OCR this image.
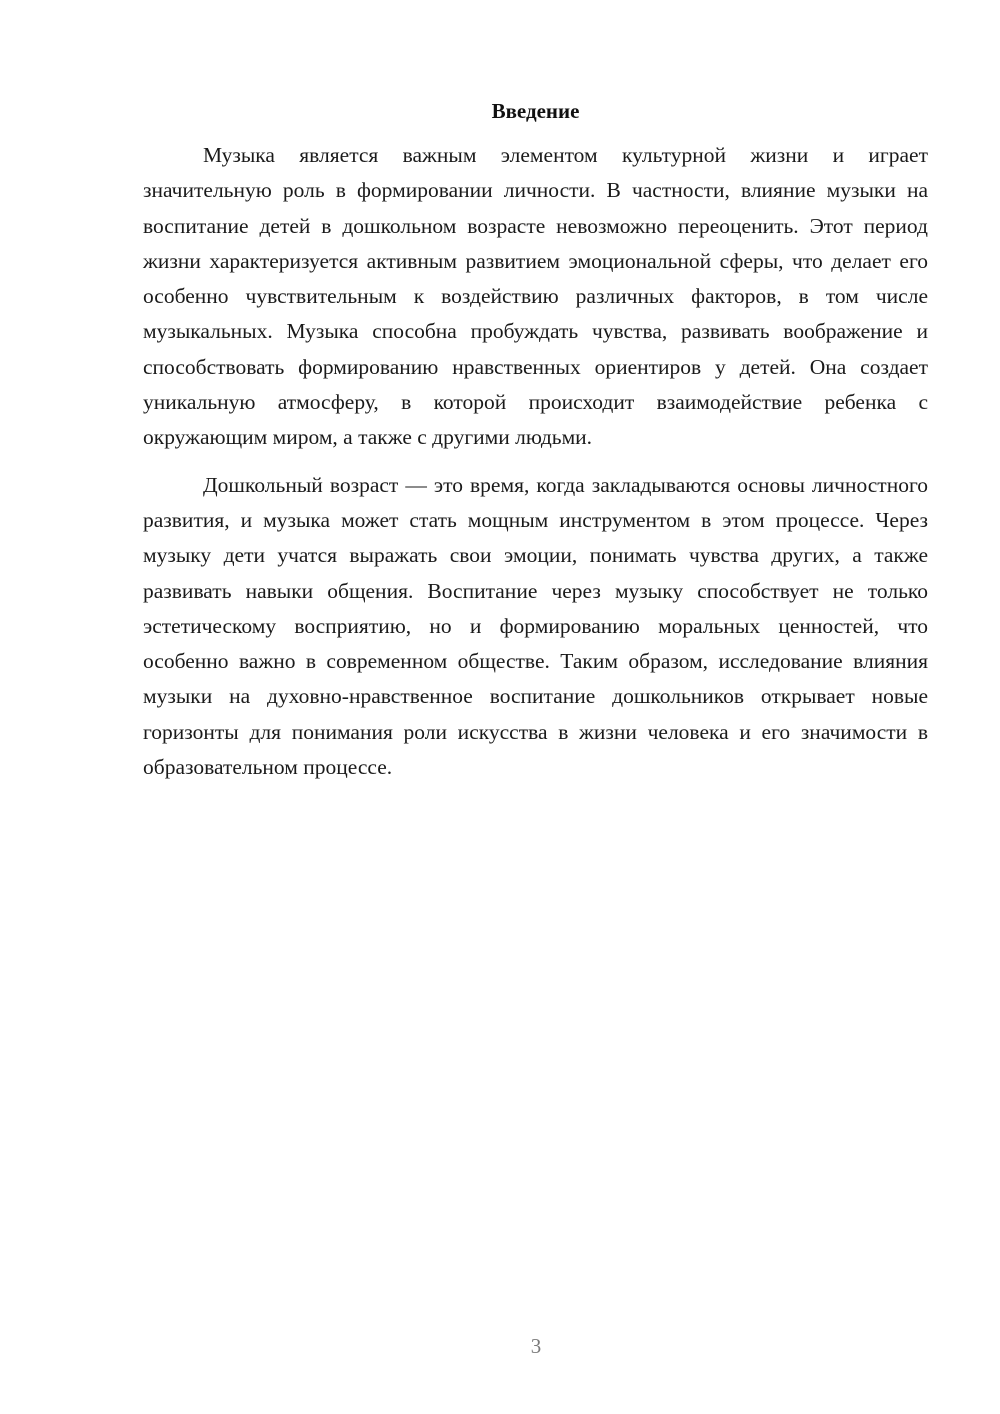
Введение

Музыка является важным элементом культурной жизни и играет значительную роль в формировании личности. В частности, влияние музыки на воспитание детей в дошкольном возрасте невозможно переоценить. Этот период жизни характеризуется активным развитием эмоциональной сферы, что делает его особенно чувствительным к воздействию различных факторов, в том числе музыкальных. Музыка способна пробуждать чувства, развивать воображение и способствовать формированию нравственных ориентиров у детей. Она создает уникальную атмосферу, в которой происходит взаимодействие ребенка с окружающим миром, а также с другими людьми.

Дошкольный возраст — это время, когда закладываются основы личностного развития, и музыка может стать мощным инструментом в этом процессе. Через музыку дети учатся выражать свои эмоции, понимать чувства других, а также развивать навыки общения. Воспитание через музыку способствует не только эстетическому восприятию, но и формированию моральных ценностей, что особенно важно в современном обществе. Таким образом, исследование влияния музыки на духовно-нравственное воспитание дошкольников открывает новые горизонты для понимания роли искусства в жизни человека и его значимости в образовательном процессе.

3
